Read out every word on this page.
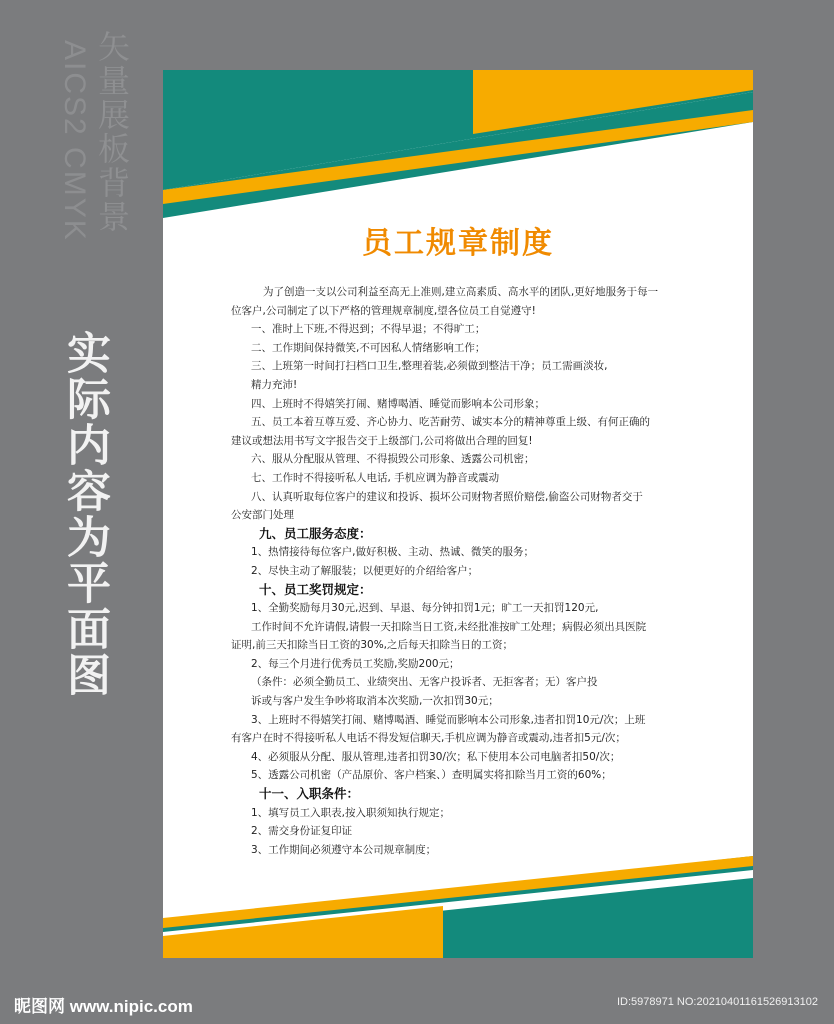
AICS2 CMYK 矢量展板背景
实际内容为平面图
员工规章制度

为了创造一支以公司利益至高无上准则,建立高素质、高水平的团队,更好地服务于每一

位客户,公司制定了以下严格的管理规章制度,望各位员工自觉遵守!

一、准时上下班,不得迟到；不得早退；不得旷工；

二、工作期间保持微笑,不可因私人情绪影响工作；

三、上班第一时间打扫档口卫生,整理着装,必须做到整洁干净；员工需画淡妆,

精力充沛!

四、上班时不得嬉笑打闹、赌博喝酒、睡觉而影响本公司形象；

五、员工本着互尊互爱、齐心协力、吃苦耐劳、诚实本分的精神尊重上级、有何正确的

建议或想法用书写文字报告交于上级部门,公司将做出合理的回复!

六、服从分配服从管理、不得损毁公司形象、透露公司机密；

七、工作时不得接听私人电话, 手机应调为静音或震动

八、认真听取每位客户的建议和投诉、损坏公司财物者照价赔偿,偷盗公司财物者交于

公安部门处理

九、员工服务态度：

1、热情接待每位客户,做好积极、主动、热诚、微笑的服务；

2、尽快主动了解服装；以便更好的介绍给客户；

十、员工奖罚规定：

1、全勤奖励每月30元,迟到、早退、每分钟扣罚1元；旷工一天扣罚120元,

工作时间不允许请假,请假一天扣除当日工资,未经批准按旷工处理；病假必须出具医院

证明,前三天扣除当日工资的30%,之后每天扣除当日的工资；

2、每三个月进行优秀员工奖励,奖励200元；

（条件：必须全勤员工、业绩突出、无客户投诉者、无拒客者；无）客户投

诉或与客户发生争吵将取消本次奖励,一次扣罚30元；

3、上班时不得嬉笑打闹、赌博喝酒、睡觉而影响本公司形象,违者扣罚10元/次；上班

有客户在时不得接听私人电话不得发短信聊天,手机应调为静音或震动,违者扣5元/次；

4、必须服从分配、服从管理,违者扣罚30/次；私下使用本公司电脑者扣50/次；

5、透露公司机密（产品原价、客户档案、）查明属实将扣除当月工资的60%；

十一、入职条件：

1、填写员工入职表,按入职须知执行规定；

2、需交身份证复印证

3、工作期间必须遵守本公司规章制度；

昵图网 www.nipic.com	ID:5978971 NO:20210401161526913102
